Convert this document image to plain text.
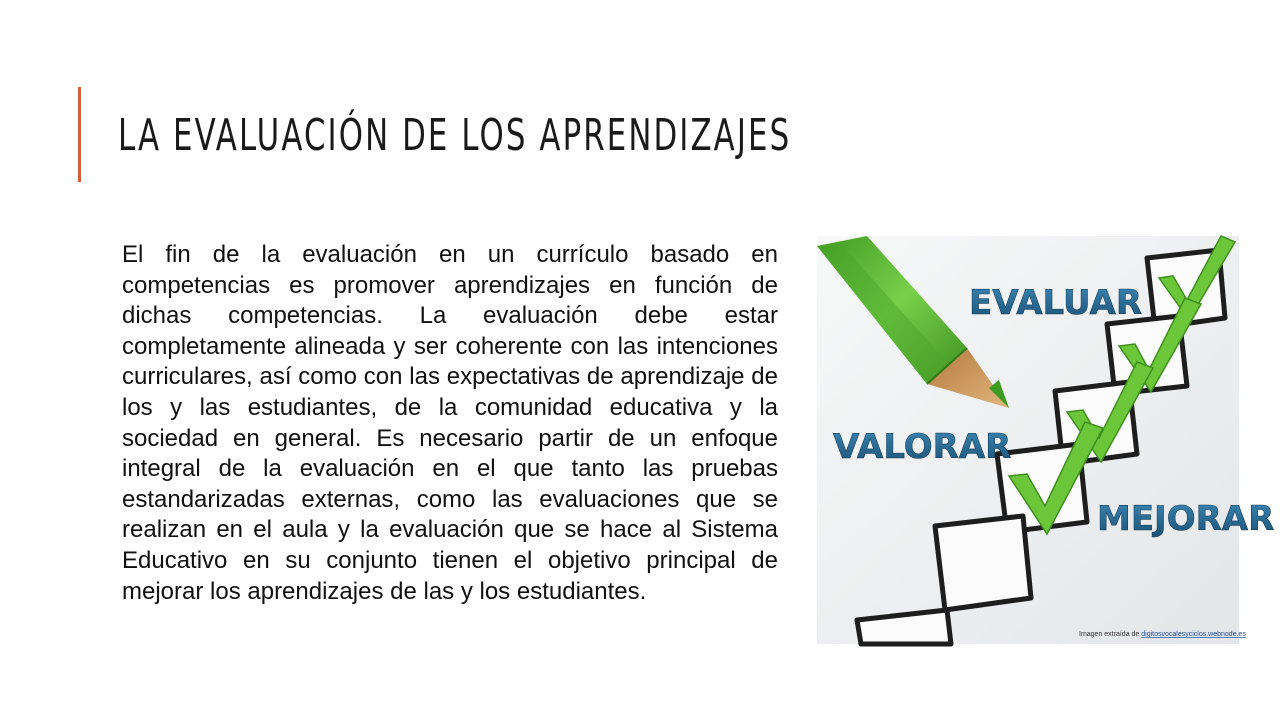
LA EVALUACIÓN DE LOS APRENDIZAJES

El fin de la evaluación en un currículo basado en competencias es promover aprendizajes en función de dichas competencias. La evaluación debe estar completamente alineada y ser coherente con las intenciones curriculares, así como con las expectativas de aprendizaje de los y las estudiantes, de la comunidad educativa y la sociedad en general. Es necesario partir de un enfoque integral de la evaluación en el que tanto las pruebas estandarizadas externas, como las evaluaciones que se realizan en el aula y la evaluación que se hace al Sistema Educativo en su conjunto tienen el objetivo principal de mejorar los aprendizajes de las y los estudiantes.

EVALUAR
VALORAR
MEJORAR
Imagen extraída de digitosvocalesyciclos.webnode.es
